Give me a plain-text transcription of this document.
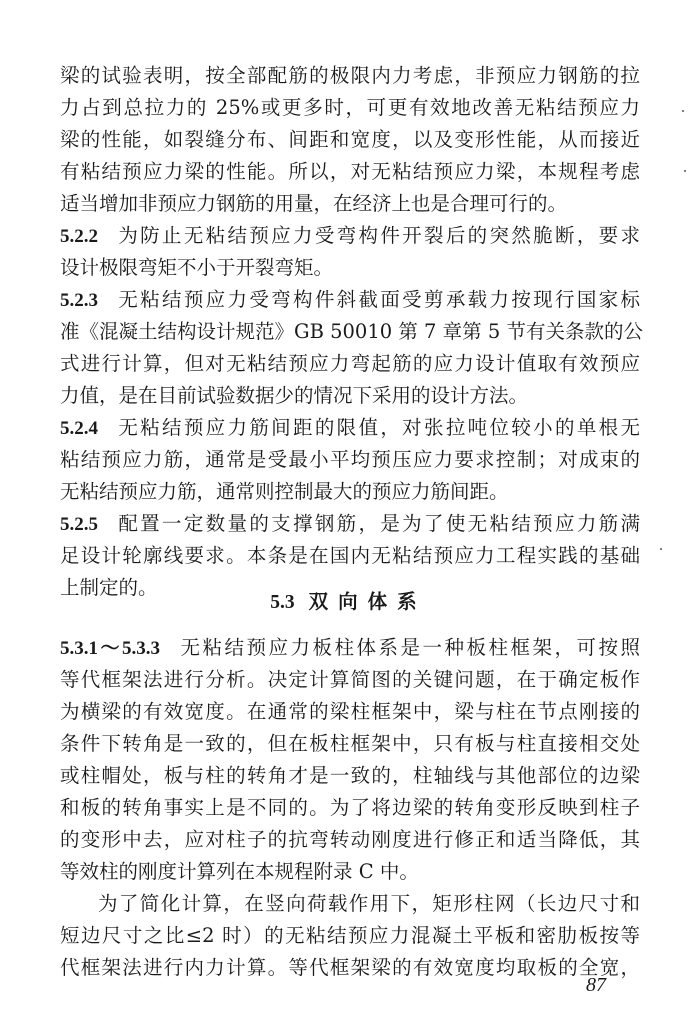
梁的试验表明，按全部配筋的极限内力考虑，非预应力钢筋的拉

力占到总拉力的 25%或更多时，可更有效地改善无粘结预应力

梁的性能，如裂缝分布、间距和宽度，以及变形性能，从而接近

有粘结预应力梁的性能。所以，对无粘结预应力梁，本规程考虑

适当增加非预应力钢筋的用量，在经济上也是合理可行的。

5.2.2 为防止无粘结预应力受弯构件开裂后的突然脆断，要求

设计极限弯矩不小于开裂弯矩。

5.2.3 无粘结预应力受弯构件斜截面受剪承载力按现行国家标

准《混凝土结构设计规范》GB 50010 第 7 章第 5 节有关条款的公

式进行计算，但对无粘结预应力弯起筋的应力设计值取有效预应

力值，是在目前试验数据少的情况下采用的设计方法。

5.2.4 无粘结预应力筋间距的限值，对张拉吨位较小的单根无

粘结预应力筋，通常是受最小平均预压应力要求控制；对成束的

无粘结预应力筋，通常则控制最大的预应力筋间距。

5.2.5 配置一定数量的支撑钢筋，是为了使无粘结预应力筋满

足设计轮廓线要求。本条是在国内无粘结预应力工程实践的基础

上制定的。

5.3 双向体系

5.3.1～5.3.3 无粘结预应力板柱体系是一种板柱框架，可按照

等代框架法进行分析。决定计算简图的关键问题，在于确定板作

为横梁的有效宽度。在通常的梁柱框架中，梁与柱在节点刚接的

条件下转角是一致的，但在板柱框架中，只有板与柱直接相交处

或柱帽处，板与柱的转角才是一致的，柱轴线与其他部位的边梁

和板的转角事实上是不同的。为了将边梁的转角变形反映到柱子

的变形中去，应对柱子的抗弯转动刚度进行修正和适当降低，其

等效柱的刚度计算列在本规程附录 C 中。

为了简化计算，在竖向荷载作用下，矩形柱网（长边尺寸和

短边尺寸之比≤2 时）的无粘结预应力混凝土平板和密肋板按等

代框架法进行内力计算。等代框架梁的有效宽度均取板的全宽，

87
